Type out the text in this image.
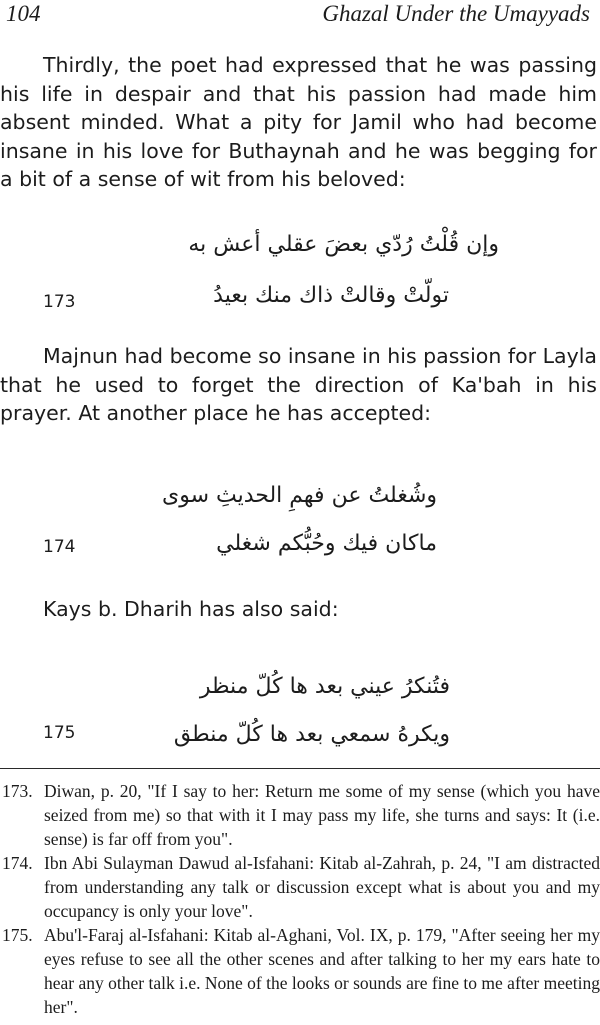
104	Ghazal Under the Umayyads

Thirdly, the poet had expressed that he was passing his life in despair and that his passion had made him absent minded. What a pity for Jamil who had become insane in his love for Buthaynah and he was begging for a bit of a sense of wit from his beloved:

وإن قُلْتُ رُدّي بعضَ عقلي أعش به
تولّتْ وقالتْ ذاك منك بعيدُ
173

Majnun had become so insane in his passion for Layla that he used to forget the direction of Ka'bah in his prayer. At another place he has accepted:

وشُغلتُ عن فهمِ الحديثِ سوى
ماكان فيك وحُبُّكم شغلي
174

Kays b. Dharih has also said:

فتُنكرُ عيني بعد ها كُلّ منظر
ويكرهُ سمعي بعد ها كُلّ منطق
175
173. Diwan, p. 20, "If I say to her: Return me some of my sense (which you have seized from me) so that with it I may pass my life, she turns and says: It (i.e. sense) is far off from you".
174. Ibn Abi Sulayman Dawud al-Isfahani: Kitab al-Zahrah, p. 24, "I am distracted from understanding any talk or discussion except what is about you and my occupancy is only your love".
175. Abu'l-Faraj al-Isfahani: Kitab al-Aghani, Vol. IX, p. 179, "After seeing her my eyes refuse to see all the other scenes and after talking to her my ears hate to hear any other talk i.e. None of the looks or sounds are fine to me after meeting her".
